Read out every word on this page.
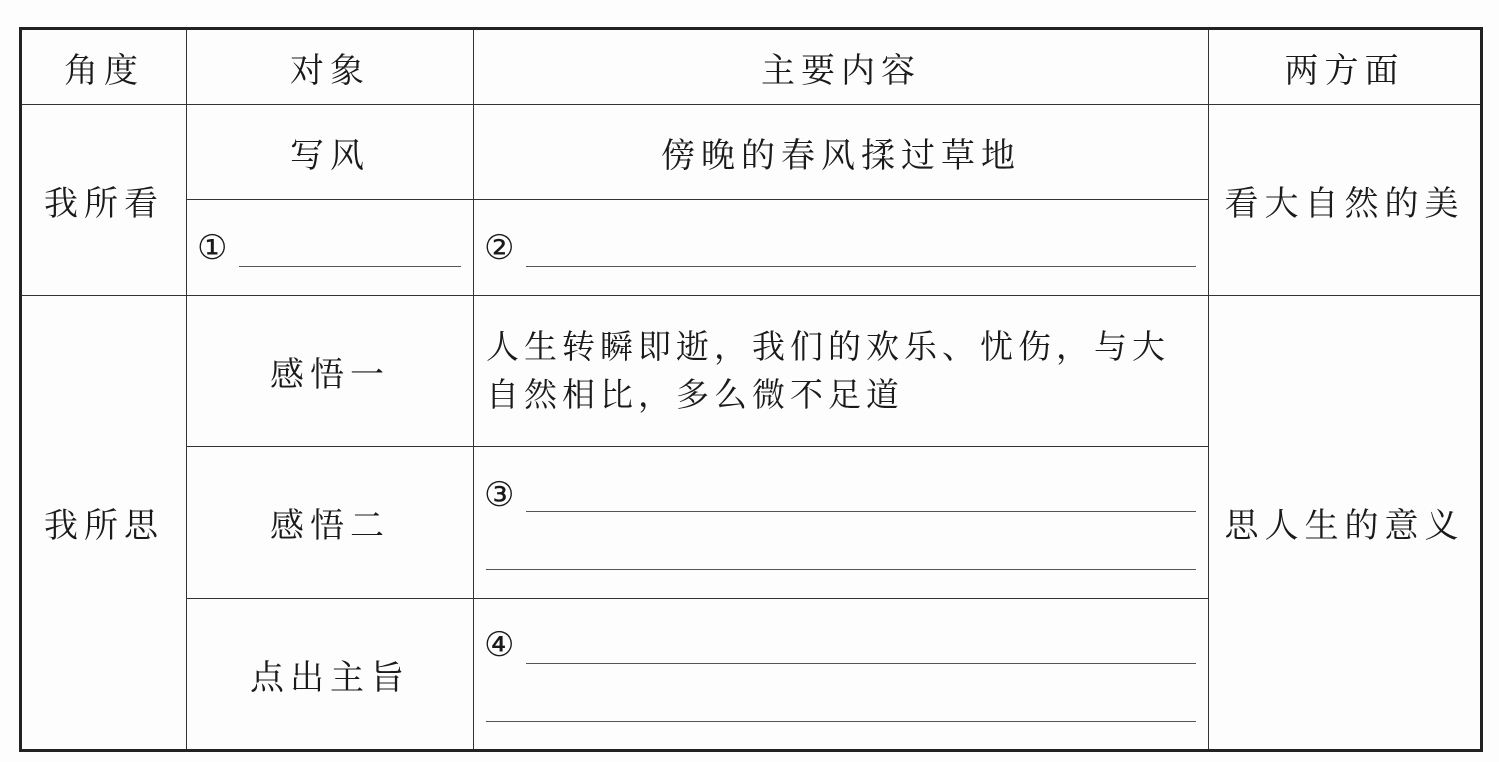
角度	对象	主要内容	两方面
我所看	写风	傍晚的春风揉过草地	看大自然的美

	①	②	

我所思	感悟一	人生转瞬即逝，我们的欢乐、忧伤，与大自然相比，多么微不足道	思人生的意义
	感悟二	③	

	点出主旨	④	
